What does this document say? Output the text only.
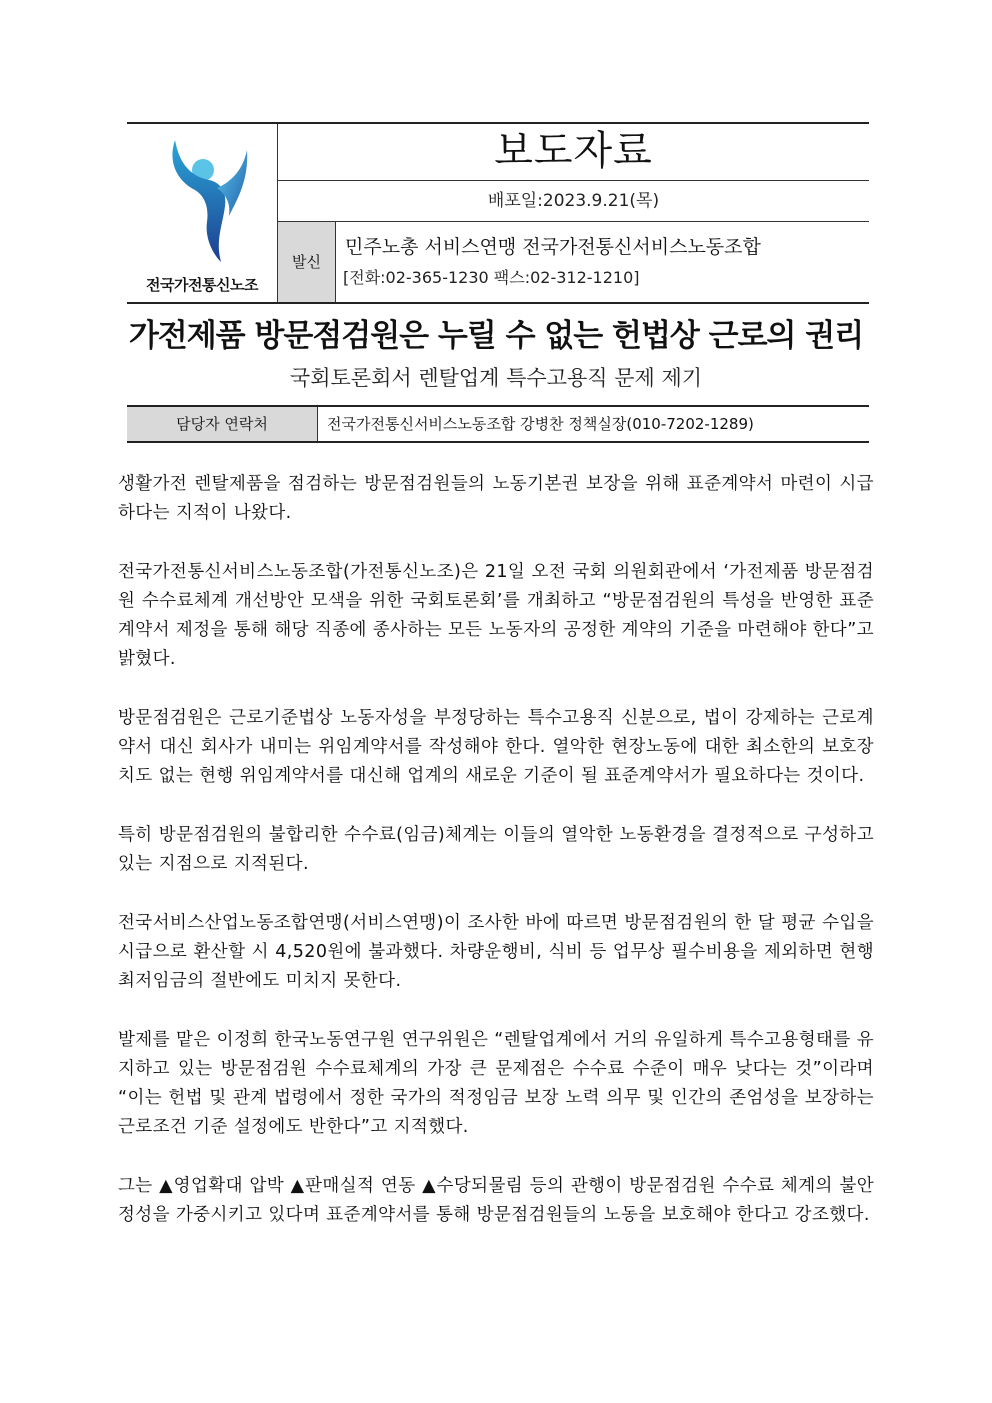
전국가전통신노조
보도자료
배포일:2023.9.21(목)
발신
민주노총 서비스연맹 전국가전통신서비스노동조합
[전화:02-365-1230 팩스:02-312-1210]
가전제품 방문점검원은 누릴 수 없는 헌법상 근로의 권리
국회토론회서 렌탈업계 특수고용직 문제 제기
담당자 연락처	전국가전통신서비스노동조합 강병찬 정책실장(010-7202-1289)

생활가전 렌탈제품을 점검하는 방문점검원들의 노동기본권 보장을 위해 표준계약서 마련이 시급하다는 지적이 나왔다.

전국가전통신서비스노동조합(가전통신노조)은 21일 오전 국회 의원회관에서 ‘가전제품 방문점검원 수수료체계 개선방안 모색을 위한 국회토론회’를 개최하고 “방문점검원의 특성을 반영한 표준계약서 제정을 통해 해당 직종에 종사하는 모든 노동자의 공정한 계약의 기준을 마련해야 한다”고 밝혔다.

방문점검원은 근로기준법상 노동자성을 부정당하는 특수고용직 신분으로, 법이 강제하는 근로계약서 대신 회사가 내미는 위임계약서를 작성해야 한다. 열악한 현장노동에 대한 최소한의 보호장치도 없는 현행 위임계약서를 대신해 업계의 새로운 기준이 될 표준계약서가 필요하다는 것이다.

특히 방문점검원의 불합리한 수수료(임금)체계는 이들의 열악한 노동환경을 결정적으로 구성하고 있는 지점으로 지적된다.

전국서비스산업노동조합연맹(서비스연맹)이 조사한 바에 따르면 방문점검원의 한 달 평균 수입을 시급으로 환산할 시 4,520원에 불과했다. 차량운행비, 식비 등 업무상 필수비용을 제외하면 현행 최저임금의 절반에도 미치지 못한다.

발제를 맡은 이정희 한국노동연구원 연구위원은 “렌탈업계에서 거의 유일하게 특수고용형태를 유지하고 있는 방문점검원 수수료체계의 가장 큰 문제점은 수수료 수준이 매우 낮다는 것”이라며 “이는 헌법 및 관계 법령에서 정한 국가의 적정임금 보장 노력 의무 및 인간의 존엄성을 보장하는 근로조건 기준 설정에도 반한다”고 지적했다.

그는 ▲영업확대 압박 ▲판매실적 연동 ▲수당되물림 등의 관행이 방문점검원 수수료 체계의 불안정성을 가중시키고 있다며 표준계약서를 통해 방문점검원들의 노동을 보호해야 한다고 강조했다.
